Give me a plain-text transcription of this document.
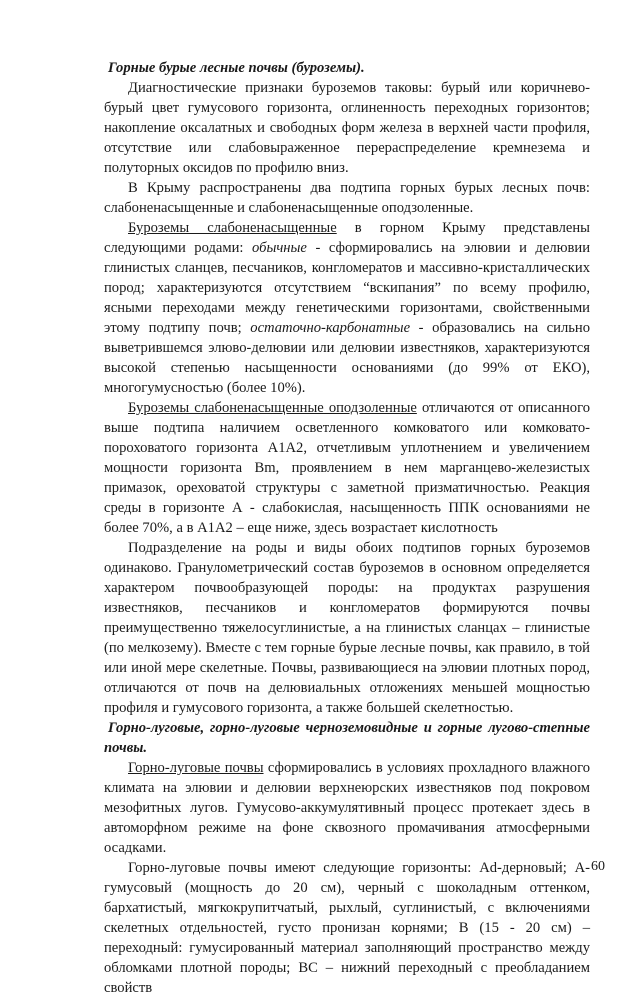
Горные бурые лесные почвы (буроземы).

Диагностические признаки буроземов таковы: бурый или коричнево-бурый цвет гумусового горизонта, оглиненность переходных горизонтов; накопление оксалатных и свободных форм железа в верхней части профиля, отсутствие или слабовыраженное перераспределение кремнезема и полуторных оксидов по профилю вниз.

В Крыму распространены два подтипа горных бурых лесных почв: слабоненасыщенные и слабоненасыщенные оподзоленные.

Буроземы слабоненасыщенные в горном Крыму представлены следующими родами: обычные - сформировались на элювии и делювии глинистых сланцев, песчаников, конгломератов и массивно-кристаллических пород; характеризуются отсутствием “вскипания” по всему профилю, ясными переходами между генетическими горизонтами, свойственными этому подтипу почв; остаточно-карбонатные - образовались на сильно выветрившемся элюво-делювии или делювии известняков, характеризуются высокой степенью насыщенности основаниями (до 99% от ЕКО), многогумусностью (более 10%).

Буроземы слабоненасыщенные оподзоленные отличаются от описанного выше подтипа наличием осветленного комковатого или комковато-пороховатого горизонта A1A2, отчетливым уплотнением и увеличением мощности горизонта Bm, проявлением в нем марганцево-железистых примазок, ореховатой структуры с заметной призматичностью. Реакция среды в горизонте А - слабокислая, насыщенность ППК основаниями не более 70%, а в A1A2 – еще ниже, здесь возрастает кислотность

Подразделение на роды и виды обоих подтипов горных буроземов одинаково. Гранулометрический состав буроземов в основном определяется характером почвообразующей породы: на продуктах разрушения известняков, песчаников и конгломератов формируются почвы преимущественно тяжелосуглинистые, а на глинистых сланцах – глинистые (по мелкозему). Вместе с тем горные бурые лесные почвы, как правило, в той или иной мере скелетные. Почвы, развивающиеся на элювии плотных пород, отличаются от почв на делювиальных отложениях меньшей мощностью профиля и гумусового горизонта, а также большей скелетностью.

Горно-луговые, горно-луговые черноземовидные и горные лугово-степные почвы.

Горно-луговые почвы сформировались в условиях прохладного влажного климата на элювии и делювии верхнеюрских известняков под покровом мезофитных лугов. Гумусово-аккумулятивный процесс протекает здесь в автоморфном режиме на фоне сквозного промачивания атмосферными осадками.

Горно-луговые почвы имеют следующие горизонты: Ad-дерновый; А-гумусовый (мощность до 20 см), черный с шоколадным оттенком, бархатистый, мягкокрупитчатый, рыхлый, суглинистый, с включениями скелетных отдельностей, густо пронизан корнями; В (15 - 20 см) – переходный: гумусированный материал заполняющий пространство между обломками плотной породы; ВС – нижний переходный с преобладанием свойств

60
